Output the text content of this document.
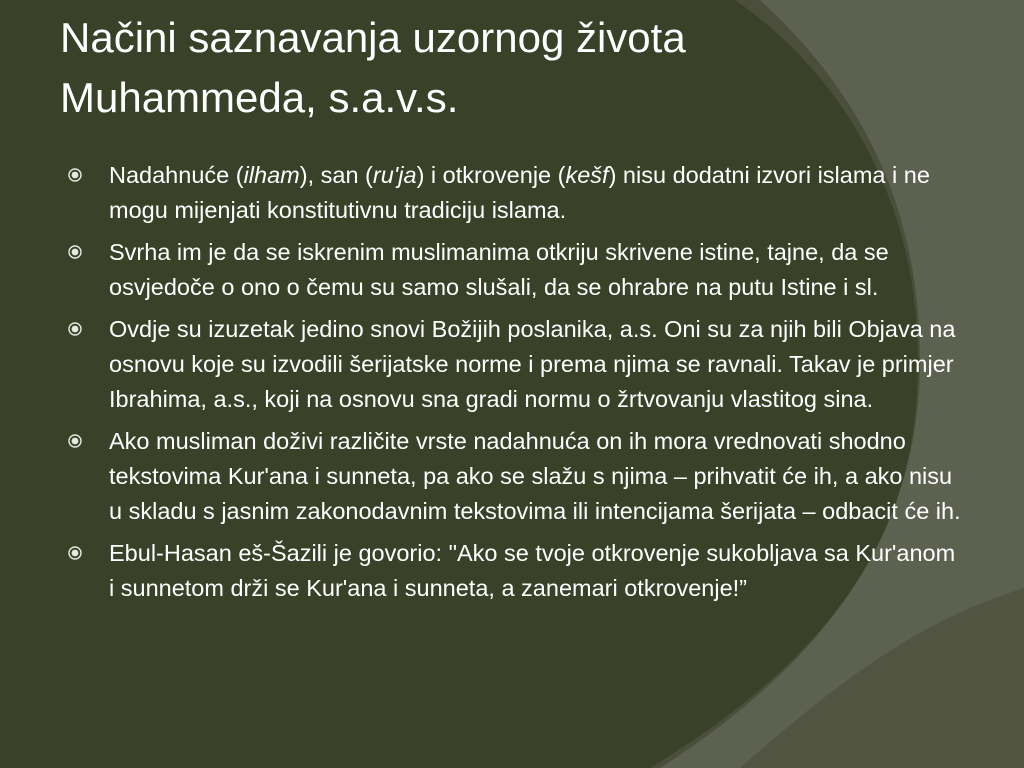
Načini saznavanja uzornog života
Muhammeda, s.a.v.s.
Nadahnuće (ilham), san (ru'ja) i otkrovenje (kešf) nisu dodatni izvori islama i ne mogu mijenjati konstitutivnu tradiciju islama.
Svrha im je da se iskrenim muslimanima otkriju skrivene istine, tajne, da se osvjedoče o ono o čemu su samo slušali, da se ohrabre na putu Istine i sl.
Ovdje su izuzetak jedino snovi Božijih poslanika, a.s. Oni su za njih bili Objava na osnovu koje su izvodili šerijatske norme i prema njima se ravnali. Takav je primjer Ibrahima, a.s., koji na osnovu sna gradi normu o žrtvovanju vlastitog sina.
Ako musliman doživi različite vrste nadahnuća on ih mora vrednovati shodno tekstovima Kur'ana i sunneta, pa ako se slažu s njima – prihvatit će ih, a ako nisu u skladu s jasnim zakonodavnim tekstovima ili intencijama šerijata – odbacit će ih.
Ebul-Hasan eš-Šazili je govorio: "Ako se tvoje otkrovenje sukobljava sa Kur'anom i sunnetom drži se Kur'ana i sunneta, a zanemari otkrovenje!”
